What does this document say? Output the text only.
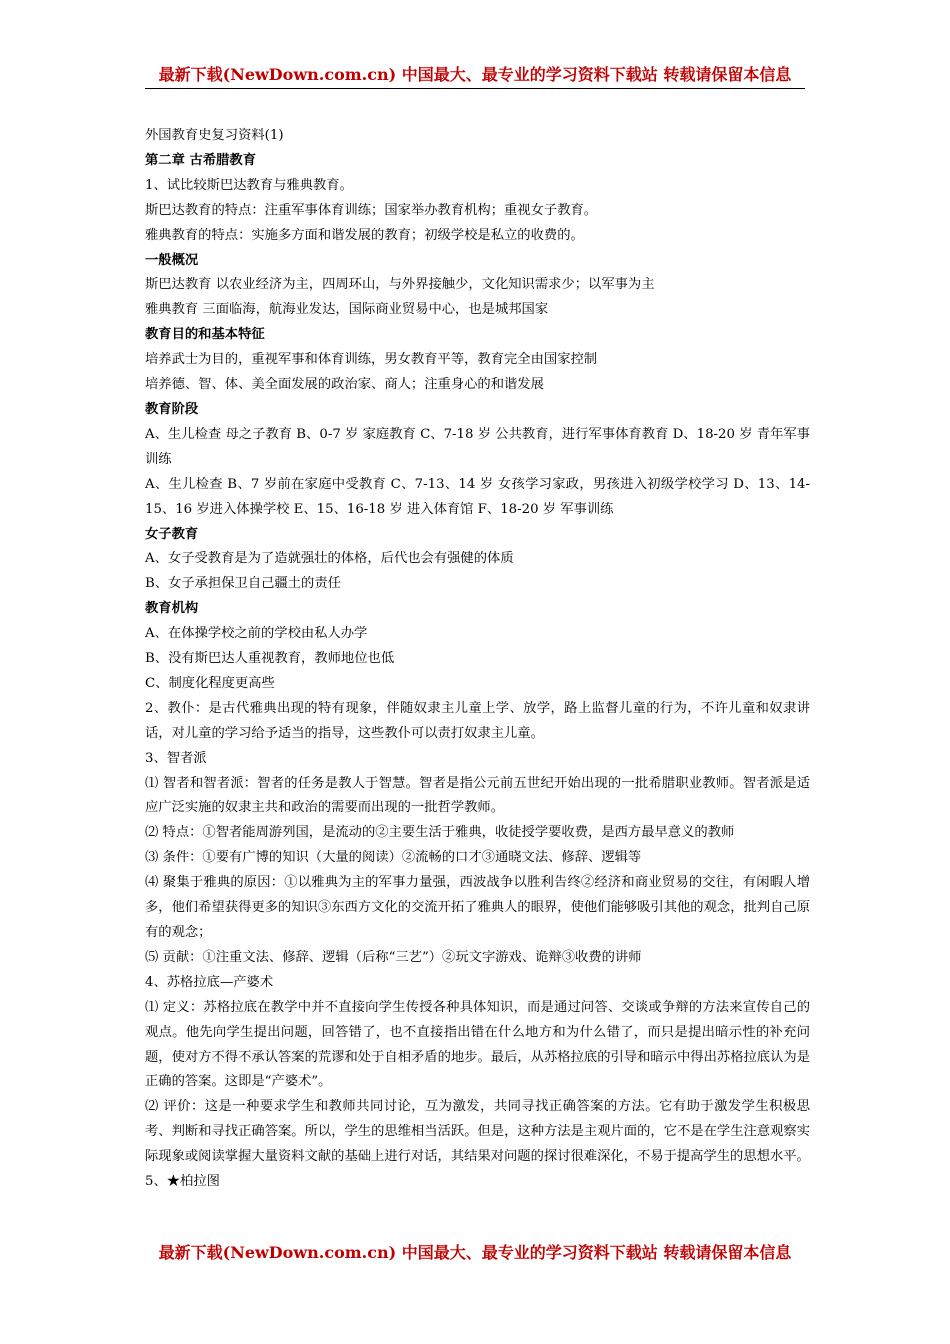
最新下载(NewDown.com.cn) 中国最大、最专业的学习资料下载站 转载请保留本信息

外国教育史复习资料(1)

第二章 古希腊教育

1、试比较斯巴达教育与雅典教育。

斯巴达教育的特点：注重军事体育训练；国家举办教育机构；重视女子教育。

雅典教育的特点：实施多方面和谐发展的教育；初级学校是私立的收费的。

一般概况

斯巴达教育 以农业经济为主，四周环山，与外界接触少，文化知识需求少；以军事为主

雅典教育 三面临海，航海业发达，国际商业贸易中心，也是城邦国家

教育目的和基本特征

培养武士为目的，重视军事和体育训练，男女教育平等，教育完全由国家控制

培养德、智、体、美全面发展的政治家、商人；注重身心的和谐发展

教育阶段

A、生儿检查 母之子教育 B、0-7 岁 家庭教育 C、7-18 岁 公共教育，进行军事体育教育 D、18-20 岁 青年军事训练

A、生儿检查 B、7 岁前在家庭中受教育 C、7-13、14 岁 女孩学习家政，男孩进入初级学校学习 D、13、14-15、16 岁进入体操学校 E、15、16-18 岁 进入体育馆 F、18-20 岁 军事训练

女子教育

A、女子受教育是为了造就强壮的体格，后代也会有强健的体质

B、女子承担保卫自己疆土的责任

教育机构

A、在体操学校之前的学校由私人办学

B、没有斯巴达人重视教育，教师地位也低

C、制度化程度更高些

2、教仆：是古代雅典出现的特有现象，伴随奴隶主儿童上学、放学，路上监督儿童的行为，不许儿童和奴隶讲话，对儿童的学习给予适当的指导，这些教仆可以责打奴隶主儿童。

3、智者派

⑴ 智者和智者派：智者的任务是教人于智慧。智者是指公元前五世纪开始出现的一批希腊职业教师。智者派是适应广泛实施的奴隶主共和政治的需要而出现的一批哲学教师。

⑵ 特点：①智者能周游列国，是流动的②主要生活于雅典，收徒授学要收费，是西方最早意义的教师

⑶ 条件：①要有广博的知识（大量的阅读）②流畅的口才③通晓文法、修辞、逻辑等

⑷ 聚集于雅典的原因：①以雅典为主的军事力量强，西波战争以胜利告终②经济和商业贸易的交往，有闲暇人增多，他们希望获得更多的知识③东西方文化的交流开拓了雅典人的眼界，使他们能够吸引其他的观念，批判自己原有的观念；

⑸ 贡献：①注重文法、修辞、逻辑（后称“三艺”）②玩文字游戏、诡辩③收费的讲师

4、苏格拉底—产婆术

⑴ 定义：苏格拉底在教学中并不直接向学生传授各种具体知识，而是通过问答、交谈或争辩的方法来宣传自己的观点。他先向学生提出问题，回答错了，也不直接指出错在什么地方和为什么错了，而只是提出暗示性的补充问题，使对方不得不承认答案的荒谬和处于自相矛盾的地步。最后，从苏格拉底的引导和暗示中得出苏格拉底认为是正确的答案。这即是“产婆术”。

⑵ 评价：这是一种要求学生和教师共同讨论，互为激发，共同寻找正确答案的方法。它有助于激发学生积极思考、判断和寻找正确答案。所以，学生的思维相当活跃。但是，这种方法是主观片面的，它不是在学生注意观察实际现象或阅读掌握大量资料文献的基础上进行对话，其结果对问题的探讨很难深化，不易于提高学生的思想水平。

5、★柏拉图

最新下载(NewDown.com.cn) 中国最大、最专业的学习资料下载站 转载请保留本信息
